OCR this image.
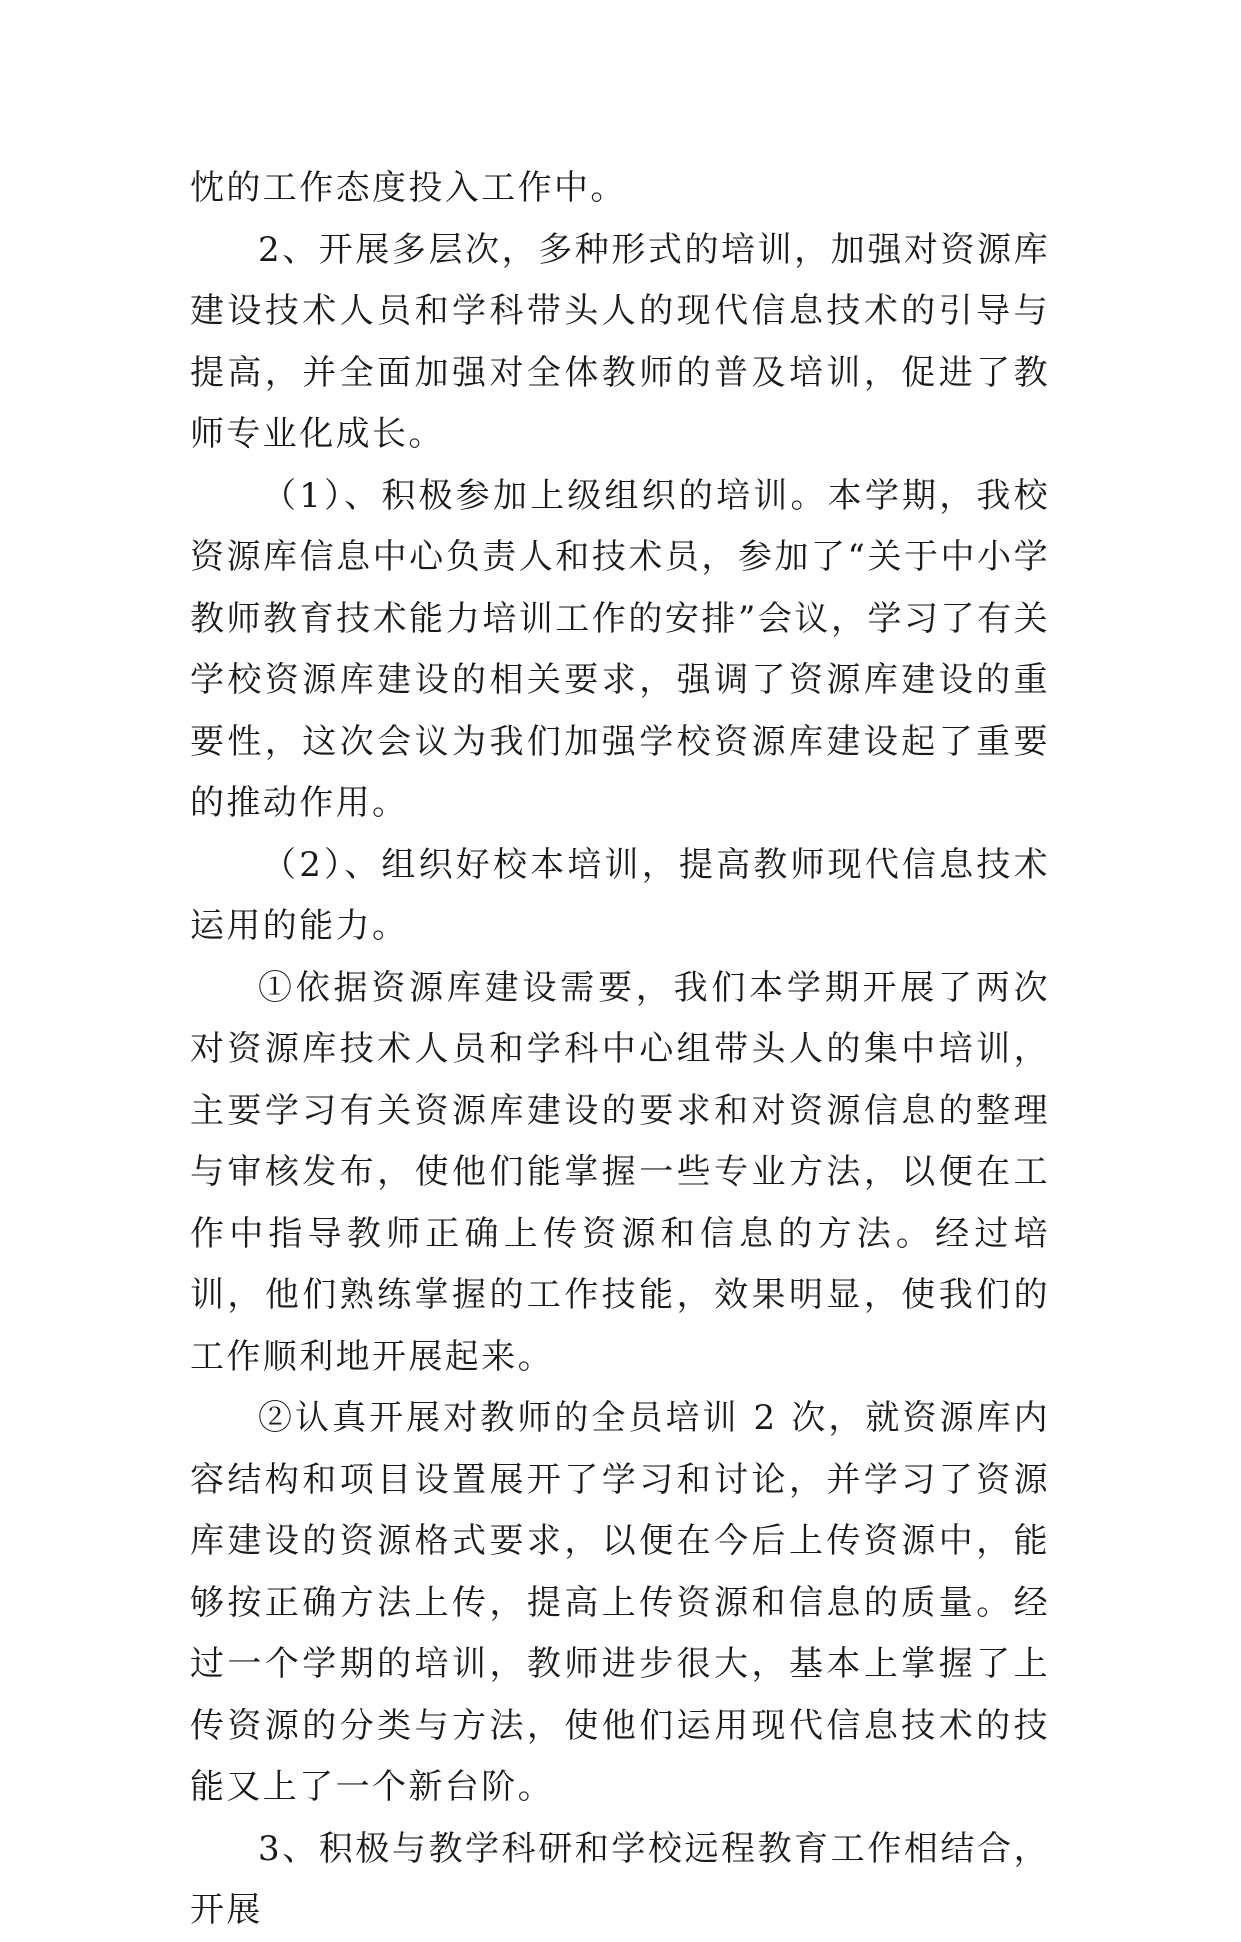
忱的工作态度投入工作中。

2、开展多层次，多种形式的培训，加强对资源库建设技术人员和学科带头人的现代信息技术的引导与提高，并全面加强对全体教师的普及培训，促进了教师专业化成长。

（1）、积极参加上级组织的培训。本学期，我校资源库信息中心负责人和技术员，参加了“关于中小学教师教育技术能力培训工作的安排”会议，学习了有关学校资源库建设的相关要求，强调了资源库建设的重要性，这次会议为我们加强学校资源库建设起了重要的推动作用。

（2）、组织好校本培训，提高教师现代信息技术运用的能力。

①依据资源库建设需要，我们本学期开展了两次对资源库技术人员和学科中心组带头人的集中培训，主要学习有关资源库建设的要求和对资源信息的整理与审核发布，使他们能掌握一些专业方法，以便在工作中指导教师正确上传资源和信息的方法。经过培训，他们熟练掌握的工作技能，效果明显，使我们的工作顺利地开展起来。

②认真开展对教师的全员培训 2 次，就资源库内容结构和项目设置展开了学习和讨论，并学习了资源库建设的资源格式要求，以便在今后上传资源中，能够按正确方法上传，提高上传资源和信息的质量。经过一个学期的培训，教师进步很大，基本上掌握了上传资源的分类与方法，使他们运用现代信息技术的技能又上了一个新台阶。

3、积极与教学科研和学校远程教育工作相结合，开展
